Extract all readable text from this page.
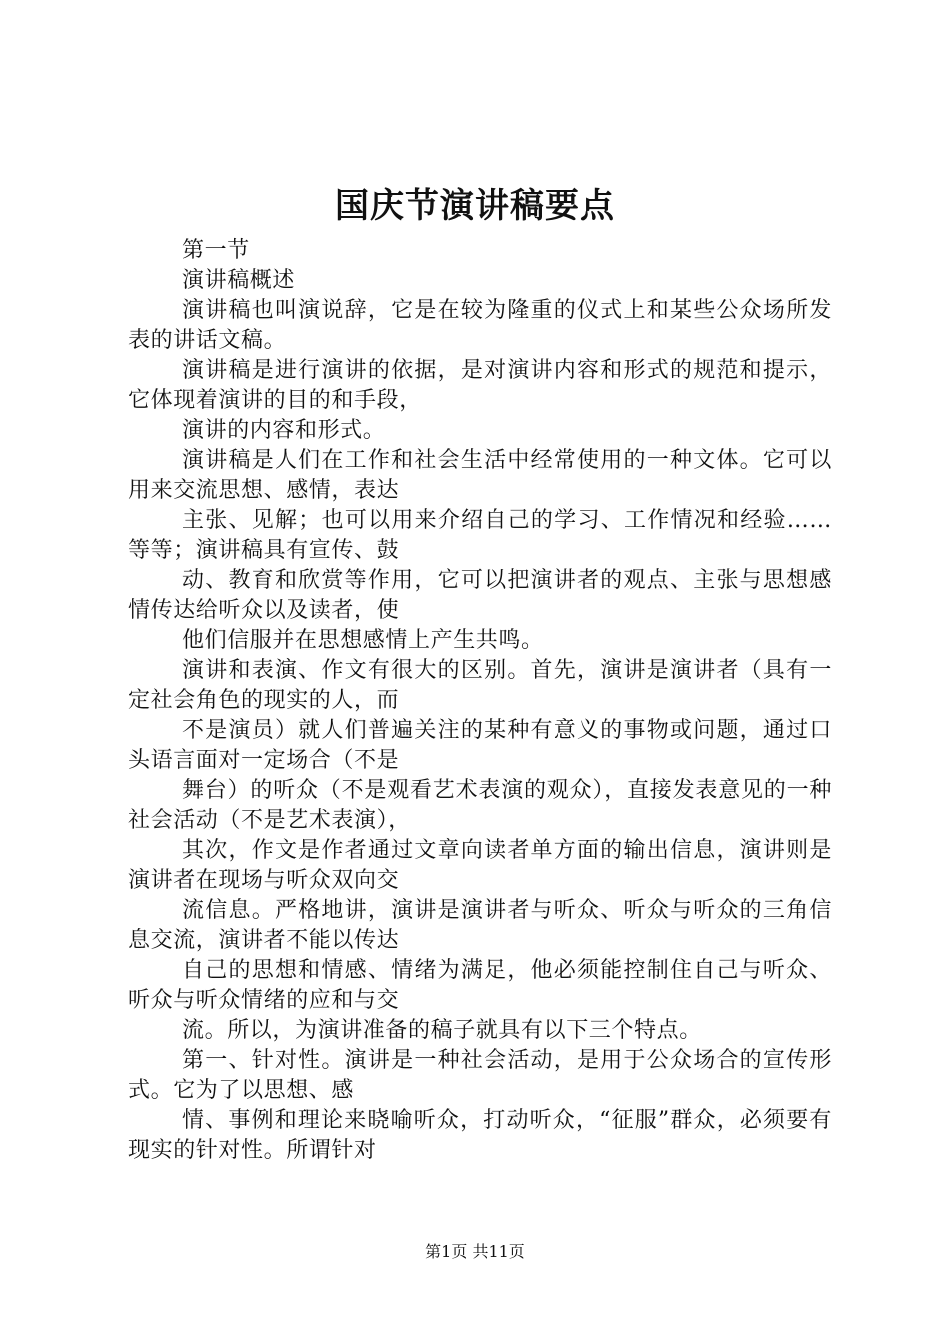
国庆节演讲稿要点

第一节

演讲稿概述

演讲稿也叫演说辞，它是在较为隆重的仪式上和某些公众场所发表的讲话文稿。

演讲稿是进行演讲的依据，是对演讲内容和形式的规范和提示，它体现着演讲的目的和手段，

演讲的内容和形式。

演讲稿是人们在工作和社会生活中经常使用的一种文体。它可以用来交流思想、感情，表达

主张、见解；也可以用来介绍自己的学习、工作情况和经验……等等；演讲稿具有宣传、鼓

动、教育和欣赏等作用，它可以把演讲者的观点、主张与思想感情传达给听众以及读者，使

他们信服并在思想感情上产生共鸣。

演讲和表演、作文有很大的区别。首先，演讲是演讲者（具有一定社会角色的现实的人，而

不是演员）就人们普遍关注的某种有意义的事物或问题，通过口头语言面对一定场合（不是

舞台）的听众（不是观看艺术表演的观众），直接发表意见的一种社会活动（不是艺术表演），

其次，作文是作者通过文章向读者单方面的输出信息，演讲则是演讲者在现场与听众双向交

流信息。严格地讲，演讲是演讲者与听众、听众与听众的三角信息交流，演讲者不能以传达

自己的思想和情感、情绪为满足，他必须能控制住自己与听众、听众与听众情绪的应和与交

流。所以，为演讲准备的稿子就具有以下三个特点。

第一、针对性。演讲是一种社会活动，是用于公众场合的宣传形式。它为了以思想、感

情、事例和理论来晓喻听众，打动听众，“征服”群众，必须要有现实的针对性。所谓针对

第1页 共11页
